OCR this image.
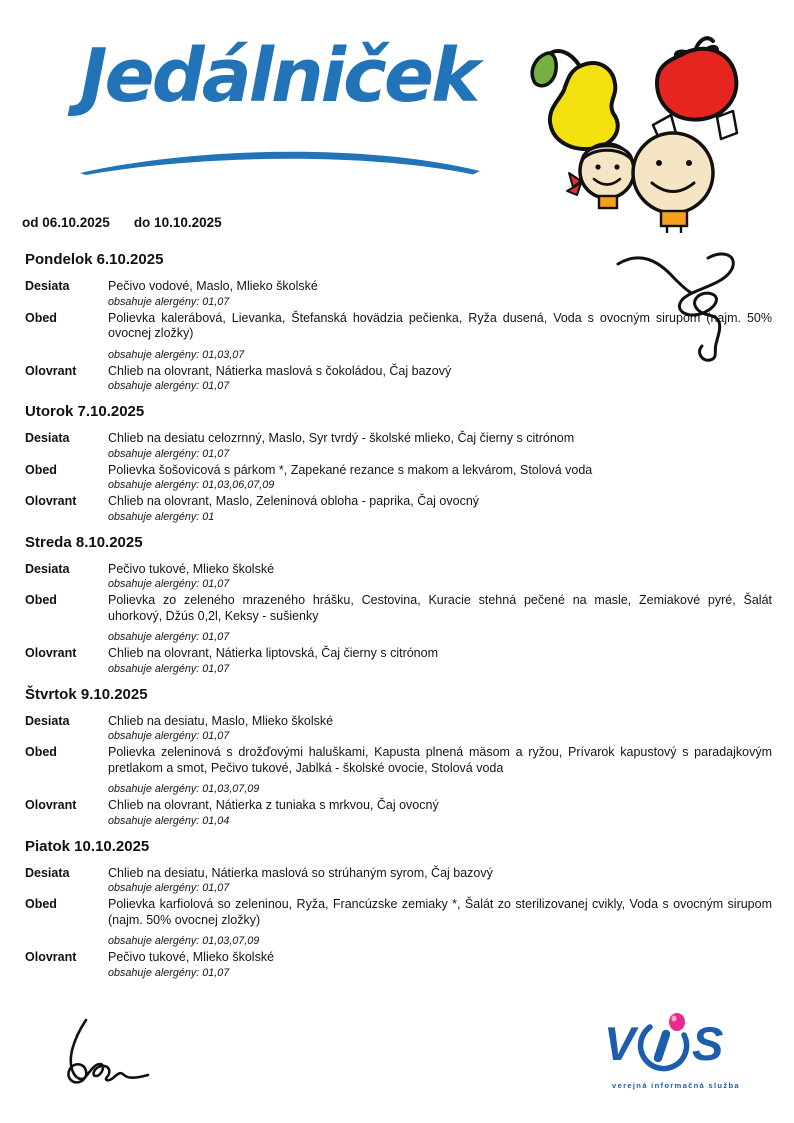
Jedálniček
od 06.10.2025 do 10.10.2025
Pondelok 6.10.2025
Desiata	Pečivo vodové, Maslo, Mlieko školské
obsahuje alergény: 01,07
Obed	Polievka kalerábová, Lievanka, Štefanská hovädzia pečienka, Ryža dusená, Voda s ovocným sirupom (najm. 50% ovocnej zložky)
obsahuje alergény: 01,03,07
Olovrant	Chlieb na olovrant, Nátierka maslová s čokoládou, Čaj bazový
obsahuje alergény: 01,07
Utorok 7.10.2025
Desiata	Chlieb na desiatu celozrnný, Maslo, Syr tvrdý - školské mlieko, Čaj čierny s citrónom
obsahuje alergény: 01,07
Obed	Polievka šošovicová s párkom *, Zapekané rezance s makom a lekvárom, Stolová voda
obsahuje alergény: 01,03,06,07,09
Olovrant	Chlieb na olovrant, Maslo, Zeleninová obloha - paprika, Čaj ovocný
obsahuje alergény: 01
Streda 8.10.2025
Desiata	Pečivo tukové, Mlieko školské
obsahuje alergény: 01,07
Obed	Polievka zo zeleného mrazeného hrášku, Cestovina, Kuracie stehná pečené na masle, Zemiakové pyré, Šalát uhorkový, Džús 0,2l, Keksy - sušienky
obsahuje alergény: 01,07
Olovrant	Chlieb na olovrant, Nátierka liptovská, Čaj čierny s citrónom
obsahuje alergény: 01,07
Štvrtok 9.10.2025
Desiata	Chlieb na desiatu, Maslo, Mlieko školské
obsahuje alergény: 01,07
Obed	Polievka zeleninová s drožďovými haluškami, Kapusta plnená mäsom a ryžou, Prívarok kapustový s paradajkovým pretlakom a smot, Pečivo tukové, Jablká - školské ovocie, Stolová voda
obsahuje alergény: 01,03,07,09
Olovrant	Chlieb na olovrant, Nátierka z tuniaka s mrkvou, Čaj ovocný
obsahuje alergény: 01,04
Piatok 10.10.2025
Desiata	Chlieb na desiatu, Nátierka maslová so strúhaným syrom, Čaj bazový
obsahuje alergény: 01,07
Obed	Polievka karfiolová so zeleninou, Ryža, Francúzske zemiaky *, Šalát zo sterilizovanej cvikly, Voda s ovocným sirupom (najm. 50% ovocnej zložky)
obsahuje alergény: 01,03,07,09
Olovrant	Pečivo tukové, Mlieko školské
obsahuje alergény: 01,07
V S
verejná informačná služba
